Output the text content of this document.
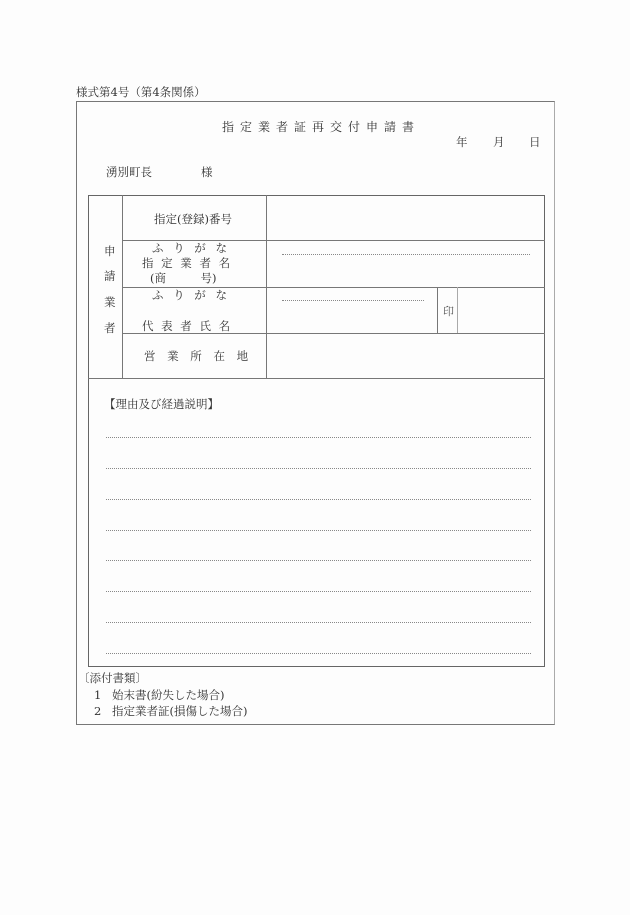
様式第4号（第4条関係）
指定業者証再交付申請書
年 月 日
湧別町長	様
申
請
業
者
指定(登録)番号
ふ り が な
指 定 業 者 名
(商　　　号)
ふ り が な
代 表 者 氏 名
印
営 業 所 在 地
【理由及び経過説明】
〔添付書類〕
1 始末書(紛失した場合)
2 指定業者証(損傷した場合)
